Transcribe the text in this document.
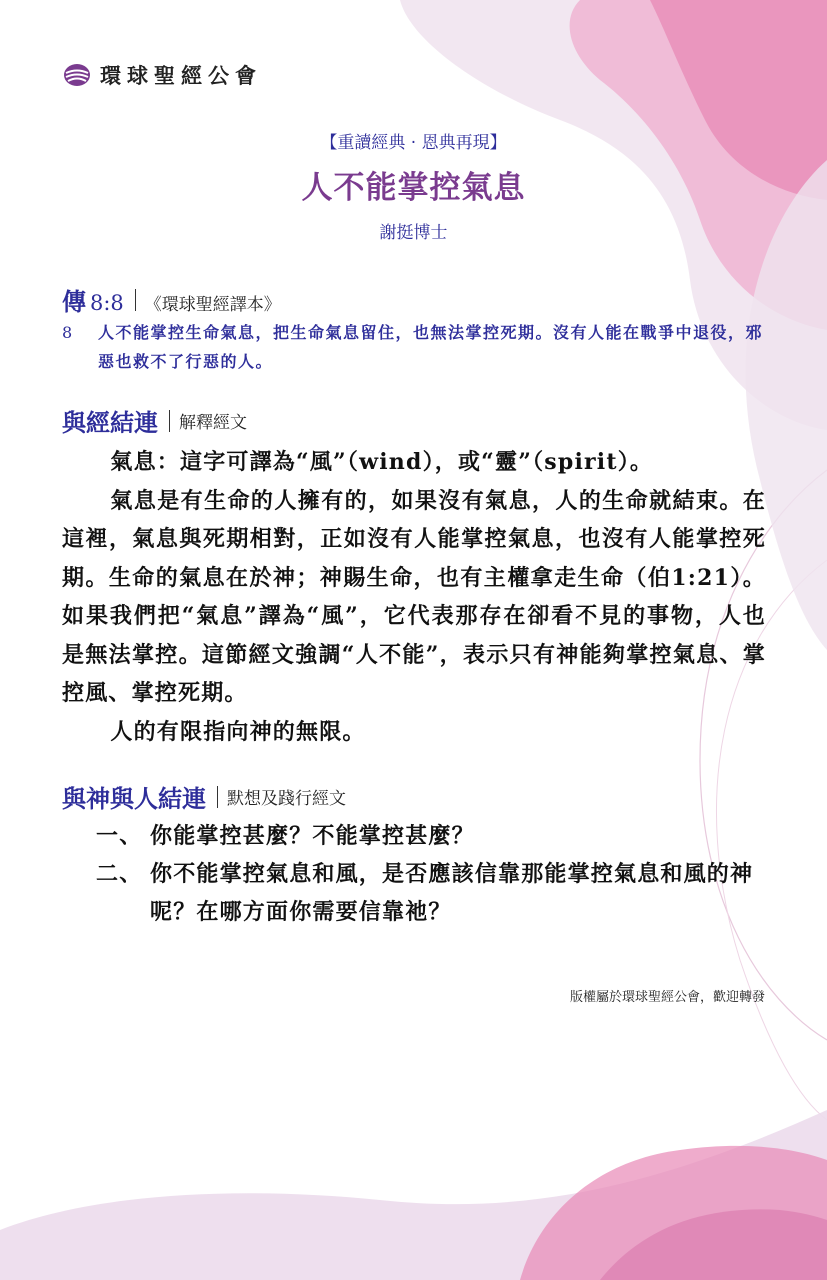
環球聖經公會
【重讀經典 · 恩典再現】
人不能掌控氣息
謝挺博士
傳 8:8 《環球聖經譯本》
8	人不能掌控生命氣息，把生命氣息留住，也無法掌控死期。沒有人能在戰爭中退役，邪惡也救不了行惡的人。
與經結連 解釋經文

氣息：這字可譯為“風”（wind），或“靈”（spirit）。

氣息是有生命的人擁有的，如果沒有氣息，人的生命就結束。在這裡，氣息與死期相對，正如沒有人能掌控氣息，也沒有人能掌控死期。生命的氣息在於神；神賜生命，也有主權拿走生命（伯1:21）。如果我們把“氣息”譯為“風”，它代表那存在卻看不見的事物，人也是無法掌控。這節經文強調“人不能”，表示只有神能夠掌控氣息、掌控風、掌控死期。

人的有限指向神的無限。

與神與人結連 默想及踐行經文
一、 你能掌控甚麼？不能掌控甚麼？
二、 你不能掌控氣息和風，是否應該信靠那能掌控氣息和風的神呢？在哪方面你需要信靠祂？
版權屬於環球聖經公會，歡迎轉發
